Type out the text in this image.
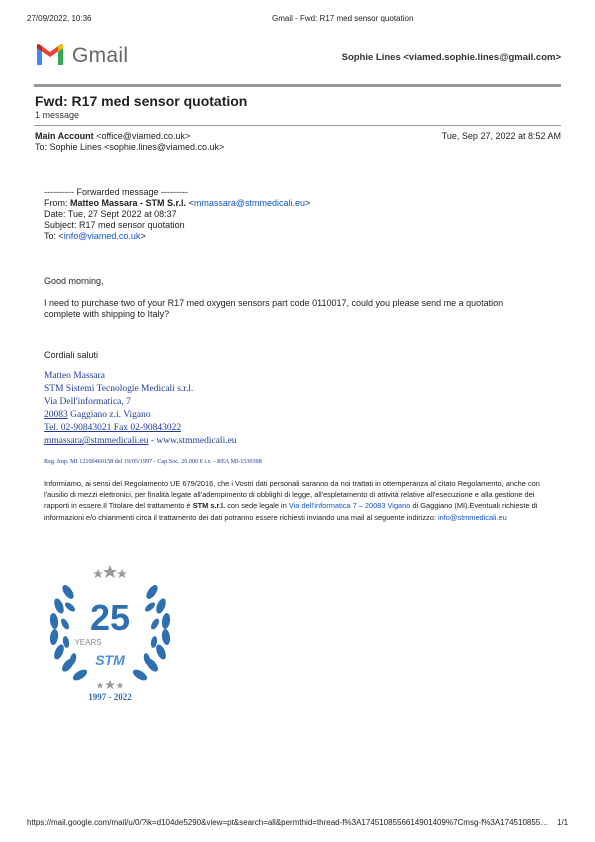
27/09/2022, 10:36	Gmail - Fwd: R17 med sensor quotation
Gmail	Sophie Lines <viamed.sophie.lines@gmail.com>
Fwd: R17 med sensor quotation
1 message
Main Account <office@viamed.co.uk>	Tue, Sep 27, 2022 at 8:52 AM
To: Sophie Lines <sophie.lines@viamed.co.uk>
---------- Forwarded message ---------
From: Matteo Massara - STM S.r.l. <mmassara@stmmedicali.eu>
Date: Tue, 27 Sept 2022 at 08:37
Subject: R17 med sensor quotation
To: <info@viamed.co.uk>
Good morning,
I need to purchase two of your R17 med oxygen sensors part code 0110017, could you please send me a quotation
complete with shipping to Italy?
Cordiali saluti
Matteo Massara
STM Sistemi Tecnologie Medicali s.r.l.
Via Dell'informatica, 7
20083 Gaggiano z.i. Vigano
Tel. 02-90843021 Fax 02-90843022
mmassara@stmmedicali.eu - www.stmmedicali.eu
Reg. Imp. MI 12100460158 del 19/05/1997 - Cap.Soc. 26.000 € i.v. - REA MI-1530308
Informiamo, ai sensi del Regolamento UE 679/2016, che i Vostri dati personali saranno da noi trattati in ottemperanza al citato Regolamento, anche con l'ausilio di mezzi elettronici, per finalità legate all'adempimento di obblighi di legge, all'espletamento di attività relative all'esecuzione e alla gestione dei rapporti in essere.Il Titolare del trattamento è STM s.r.l. con sede legale in Via dell'informatica 7 – 20083 Vigano di Gaggiano (MI).Eventuali richieste di informazioni e/o chiarimenti circa il trattamento dei dati potranno essere richiesti inviando una mail al seguente indirizzo: info@stmmedicali.eu
25
YEARS
STM
1997 - 2022
https://mail.google.com/mail/u/0/?ik=d104de5290&view=pt&search=all&permthid=thread-f%3A1745108556614901409%7Cmsg-f%3A174510855…	1/1
